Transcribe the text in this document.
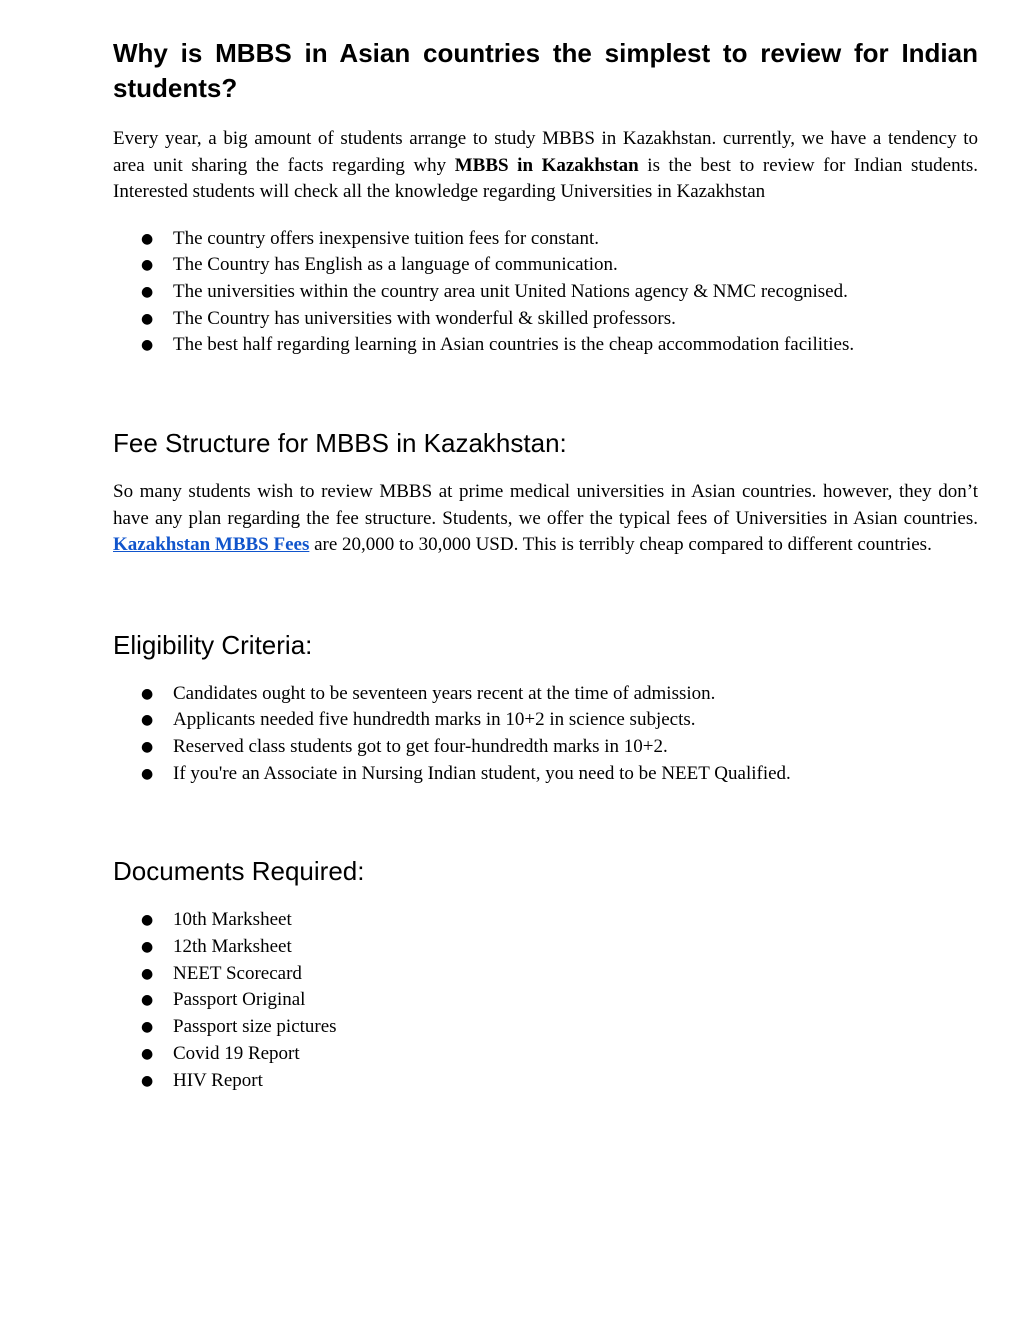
Why is MBBS in Asian countries the simplest to review for Indian students?

Every year, a big amount of students arrange to study MBBS in Kazakhstan. currently, we have a tendency to area unit sharing the facts regarding why MBBS in Kazakhstan is the best to review for Indian students. Interested students will check all the knowledge regarding Universities in Kazakhstan

● The country offers inexpensive tuition fees for constant.
● The Country has English as a language of communication.
● The universities within the country area unit United Nations agency & NMC recognised.
● The Country has universities with wonderful & skilled professors.
● The best half regarding learning in Asian countries is the cheap accommodation facilities.
Fee Structure for MBBS in Kazakhstan:

So many students wish to review MBBS at prime medical universities in Asian countries. however, they don’t have any plan regarding the fee structure. Students, we offer the typical fees of Universities in Asian countries. Kazakhstan MBBS Fees are 20,000 to 30,000 USD. This is terribly cheap compared to different countries.

Eligibility Criteria:
● Candidates ought to be seventeen years recent at the time of admission.
● Applicants needed five hundredth marks in 10+2 in science subjects.
● Reserved class students got to get four-hundredth marks in 10+2.
● If you're an Associate in Nursing Indian student, you need to be NEET Qualified.
Documents Required:
● 10th Marksheet
● 12th Marksheet
● NEET Scorecard
● Passport Original
● Passport size pictures
● Covid 19 Report
● HIV Report
